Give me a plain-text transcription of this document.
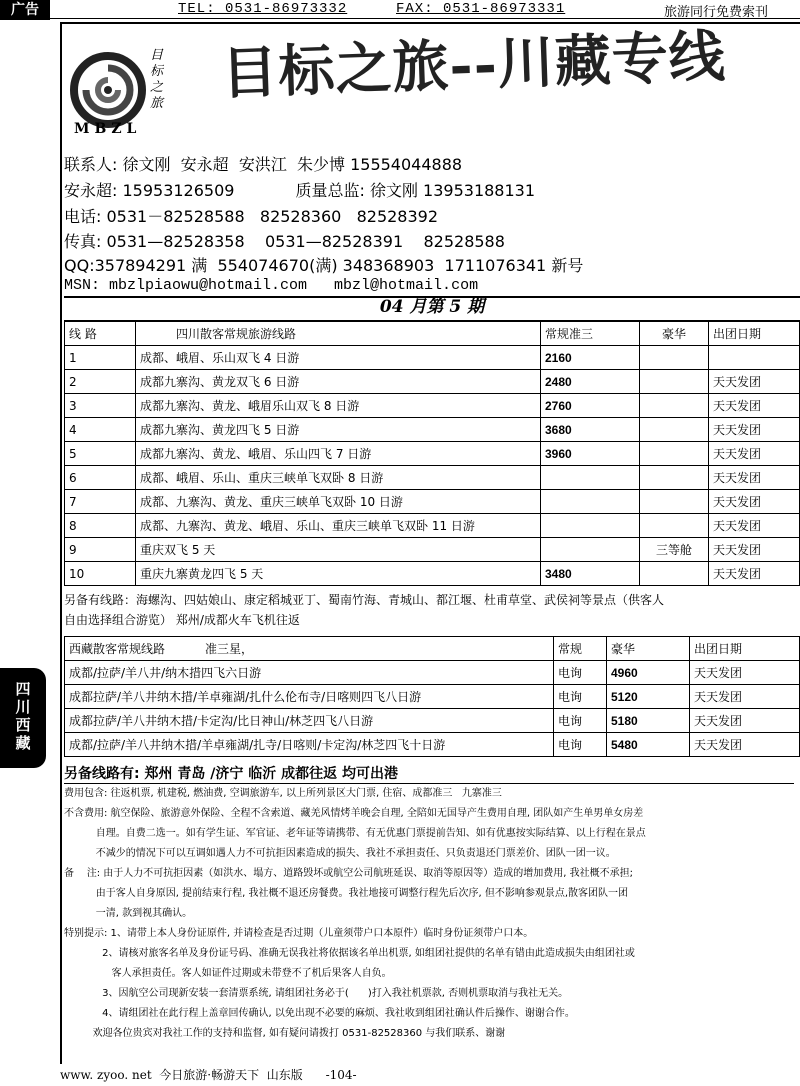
广告	TEL: 0531-86973332	FAX: 0531-86973331	旅游同行免费索刊
目标之旅
MBZL
目标之旅--川藏专线
联系人: 徐文刚  安永超  安洪江  朱少博 15554044888
安永超: 15953126509            质量总监: 徐文刚 13953188131
电话: 0531－82528588   82528360   82528392
传真: 0531—82528358    0531—82528391    82528588
QQ:357894291 满  554074670(满) 348368903  1711076341 新号
MSN: mbzlpiaowu@hotmail.com   mbzl@hotmail.com
04 月第 5 期
线 路	四川散客常规旅游线路	常规准三	豪华	出团日期
1	成都、峨眉、乐山双飞 4 日游	2160		
2	成都九寨沟、黄龙双飞 6 日游	2480		天天发团
3	成都九寨沟、黄龙、峨眉乐山双飞 8 日游	2760		天天发团
4	成都九寨沟、黄龙四飞 5 日游	3680		天天发团
5	成都九寨沟、黄龙、峨眉、乐山四飞 7 日游	3960		天天发团
6	成都、峨眉、乐山、重庆三峡单飞双卧 8 日游			天天发团
7	成都、九寨沟、黄龙、重庆三峡单飞双卧 10 日游			天天发团
8	成都、九寨沟、黄龙、峨眉、乐山、重庆三峡单飞双卧 11 日游			天天发团
9	重庆双飞 5 天		三等舱	天天发团
10	重庆九寨黄龙四飞 5 天	3480		天天发团
另备有线路：海螺沟、四姑娘山、康定稻城亚丁、蜀南竹海、青城山、都江堰、杜甫草堂、武侯祠等景点（供客人
自由选择组合游览） 郑州/成都火车飞机往返
西藏散客常规线路 准三星，	常规	豪华	出团日期
成都/拉萨/羊八井/纳木措四飞六日游	电询	4960	天天发团
成都拉萨/羊八井纳木措/羊卓雍湖/扎什么伦布寺/日喀则四飞八日游	电询	5120	天天发团
成都拉萨/羊八井纳木措/卡定沟/比日神山/林芝四飞八日游	电询	5180	天天发团
成都/拉萨/羊八井纳木措/羊卓雍湖/扎寺/日喀则/卡定沟/林芝四飞十日游	电询	5480	天天发团
另备线路有: 郑州 青岛 /济宁 临沂 成都往返 均可出港
费用包含: 往返机票, 机建税, 燃油费, 空调旅游车, 以上所列景区大门票, 住宿、成都准三   九寨准三
不含费用: 航空保险、旅游意外保险、全程不含索道、藏羌风情烤羊晚会自理, 全陪如无国导产生费用自理, 团队如产生单男单女房差
自理。自费二选一。如有学生证、军官证、老年证等请携带、有无优惠门票提前告知、如有优惠按实际结算、以上行程在景点
不减少的情况下可以互调如遇人力不可抗拒因素造成的损失、我社不承担责任、只负责退还门票差价、团队一团一议。
备    注: 由于人力不可抗拒因素（如洪水、塌方、道路毁坏或航空公司航班延误、取消等原因等）造成的增加费用, 我社概不承担;
由于客人自身原因, 提前结束行程, 我社概不退还房餐费。我社地接可调整行程先后次序, 但不影响参观景点,散客团队一团
一清, 款到视其确认。
特别提示: 1、请带上本人身份证原件, 并请检查是否过期（儿童须带户口本原件）临时身份证须带户口本。
2、请核对旅客名单及身份证号码、准确无误我社将依据该名单出机票, 如组团社提供的名单有错由此造成损失由组团社或
客人承担责任。客人如证件过期或未带登不了机后果客人自负。
3、因航空公司现新安装一套清票系统, 请组团社务必于(      )打入我社机票款, 否则机票取消与我社无关。
4、请组团社在此行程上盖章回传确认, 以免出现不必要的麻烦、我社收到组团社确认件后操作、谢谢合作。
欢迎各位贵宾对我社工作的支持和监督, 如有疑问请拨打 0531-82528360 与我们联系、谢谢
四川西藏
www. zyoo. net  今日旅游·畅游天下  山东版      -104-
